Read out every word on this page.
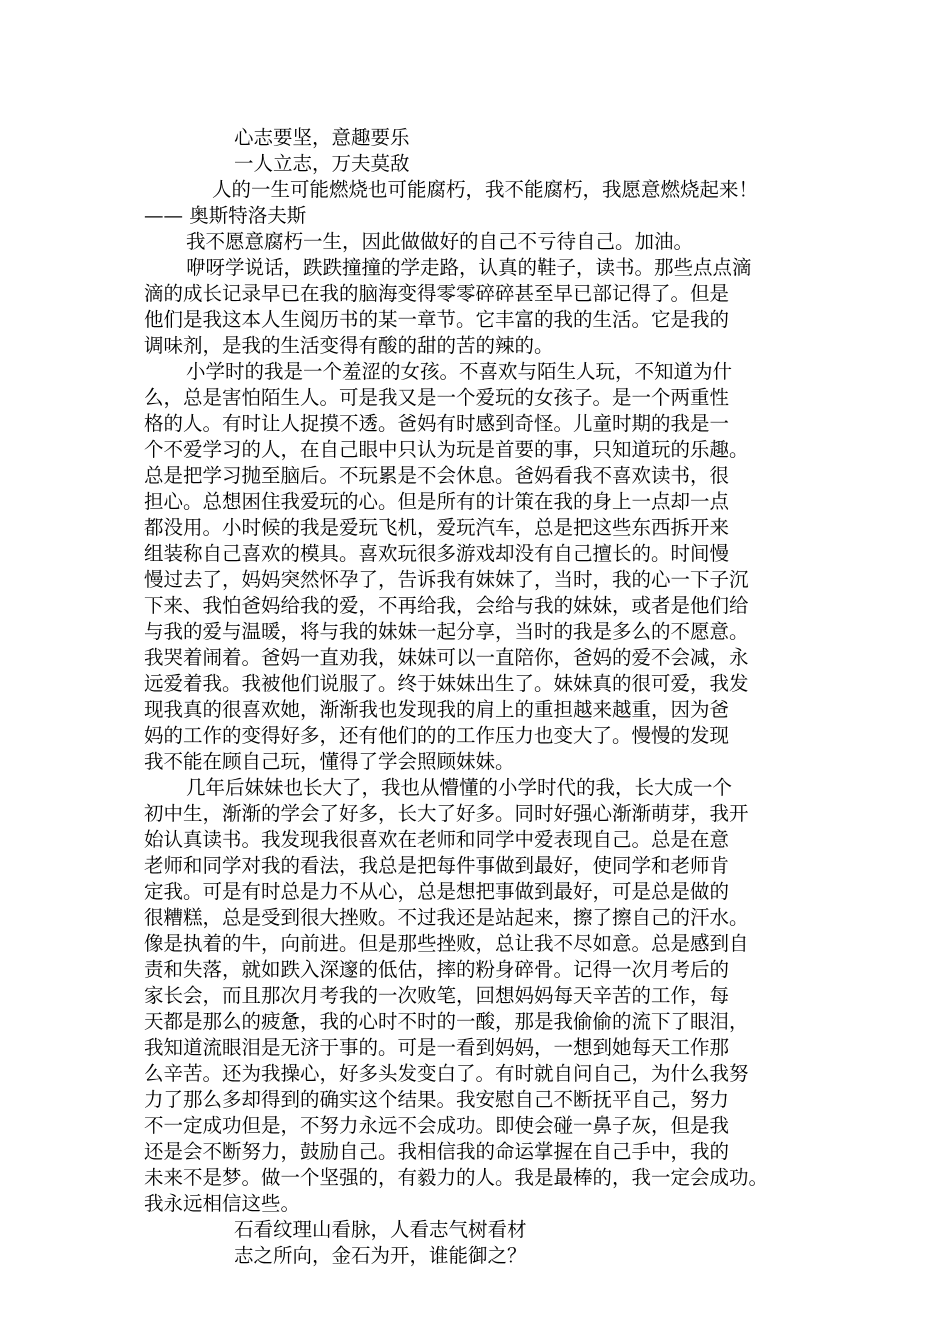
心志要坚，意趣要乐
一人立志，万夫莫敌
人的一生可能燃烧也可能腐朽，我不能腐朽，我愿意燃烧起来！
—— 奥斯特洛夫斯
我不愿意腐朽一生，因此做做好的自己不亏待自己。加油。
咿呀学说话，跌跌撞撞的学走路，认真的鞋子，读书。那些点点滴
滴的成长记录早已在我的脑海变得零零碎碎甚至早已部记得了。但是
他们是我这本人生阅历书的某一章节。它丰富的我的生活。它是我的
调味剂，是我的生活变得有酸的甜的苦的辣的。
小学时的我是一个羞涩的女孩。不喜欢与陌生人玩，不知道为什
么，总是害怕陌生人。可是我又是一个爱玩的女孩子。是一个两重性
格的人。有时让人捉摸不透。爸妈有时感到奇怪。儿童时期的我是一
个不爱学习的人，在自己眼中只认为玩是首要的事，只知道玩的乐趣。
总是把学习抛至脑后。不玩累是不会休息。爸妈看我不喜欢读书，很
担心。总想困住我爱玩的心。但是所有的计策在我的身上一点却一点
都没用。小时候的我是爱玩飞机，爱玩汽车，总是把这些东西拆开来
组装称自己喜欢的模具。喜欢玩很多游戏却没有自己擅长的。时间慢
慢过去了，妈妈突然怀孕了，告诉我有妹妹了，当时，我的心一下子沉
下来、我怕爸妈给我的爱，不再给我，会给与我的妹妹，或者是他们给
与我的爱与温暖，将与我的妹妹一起分享，当时的我是多么的不愿意。
我哭着闹着。爸妈一直劝我，妹妹可以一直陪你，爸妈的爱不会减，永
远爱着我。我被他们说服了。终于妹妹出生了。妹妹真的很可爱，我发
现我真的很喜欢她，渐渐我也发现我的肩上的重担越来越重，因为爸
妈的工作的变得好多，还有他们的的工作压力也变大了。慢慢的发现
我不能在顾自己玩，懂得了学会照顾妹妹。
几年后妹妹也长大了，我也从懵懂的小学时代的我，长大成一个
初中生，渐渐的学会了好多，长大了好多。同时好强心渐渐萌芽，我开
始认真读书。我发现我很喜欢在老师和同学中爱表现自己。总是在意
老师和同学对我的看法，我总是把每件事做到最好，使同学和老师肯
定我。可是有时总是力不从心，总是想把事做到最好，可是总是做的
很糟糕，总是受到很大挫败。不过我还是站起来，擦了擦自己的汗水。
像是执着的牛，向前进。但是那些挫败，总让我不尽如意。总是感到自
责和失落，就如跌入深邃的低估，摔的粉身碎骨。记得一次月考后的
家长会，而且那次月考我的一次败笔，回想妈妈每天辛苦的工作，每
天都是那么的疲惫，我的心时不时的一酸，那是我偷偷的流下了眼泪，
我知道流眼泪是无济于事的。可是一看到妈妈，一想到她每天工作那
么辛苦。还为我操心，好多头发变白了。有时就自问自己，为什么我努
力了那么多却得到的确实这个结果。我安慰自己不断抚平自己，努力
不一定成功但是，不努力永远不会成功。即使会碰一鼻子灰，但是我
还是会不断努力，鼓励自己。我相信我的命运掌握在自己手中，我的
未来不是梦。做一个坚强的，有毅力的人。我是最棒的，我一定会成功。
我永远相信这些。
石看纹理山看脉，人看志气树看材
志之所向，金石为开，谁能御之？
